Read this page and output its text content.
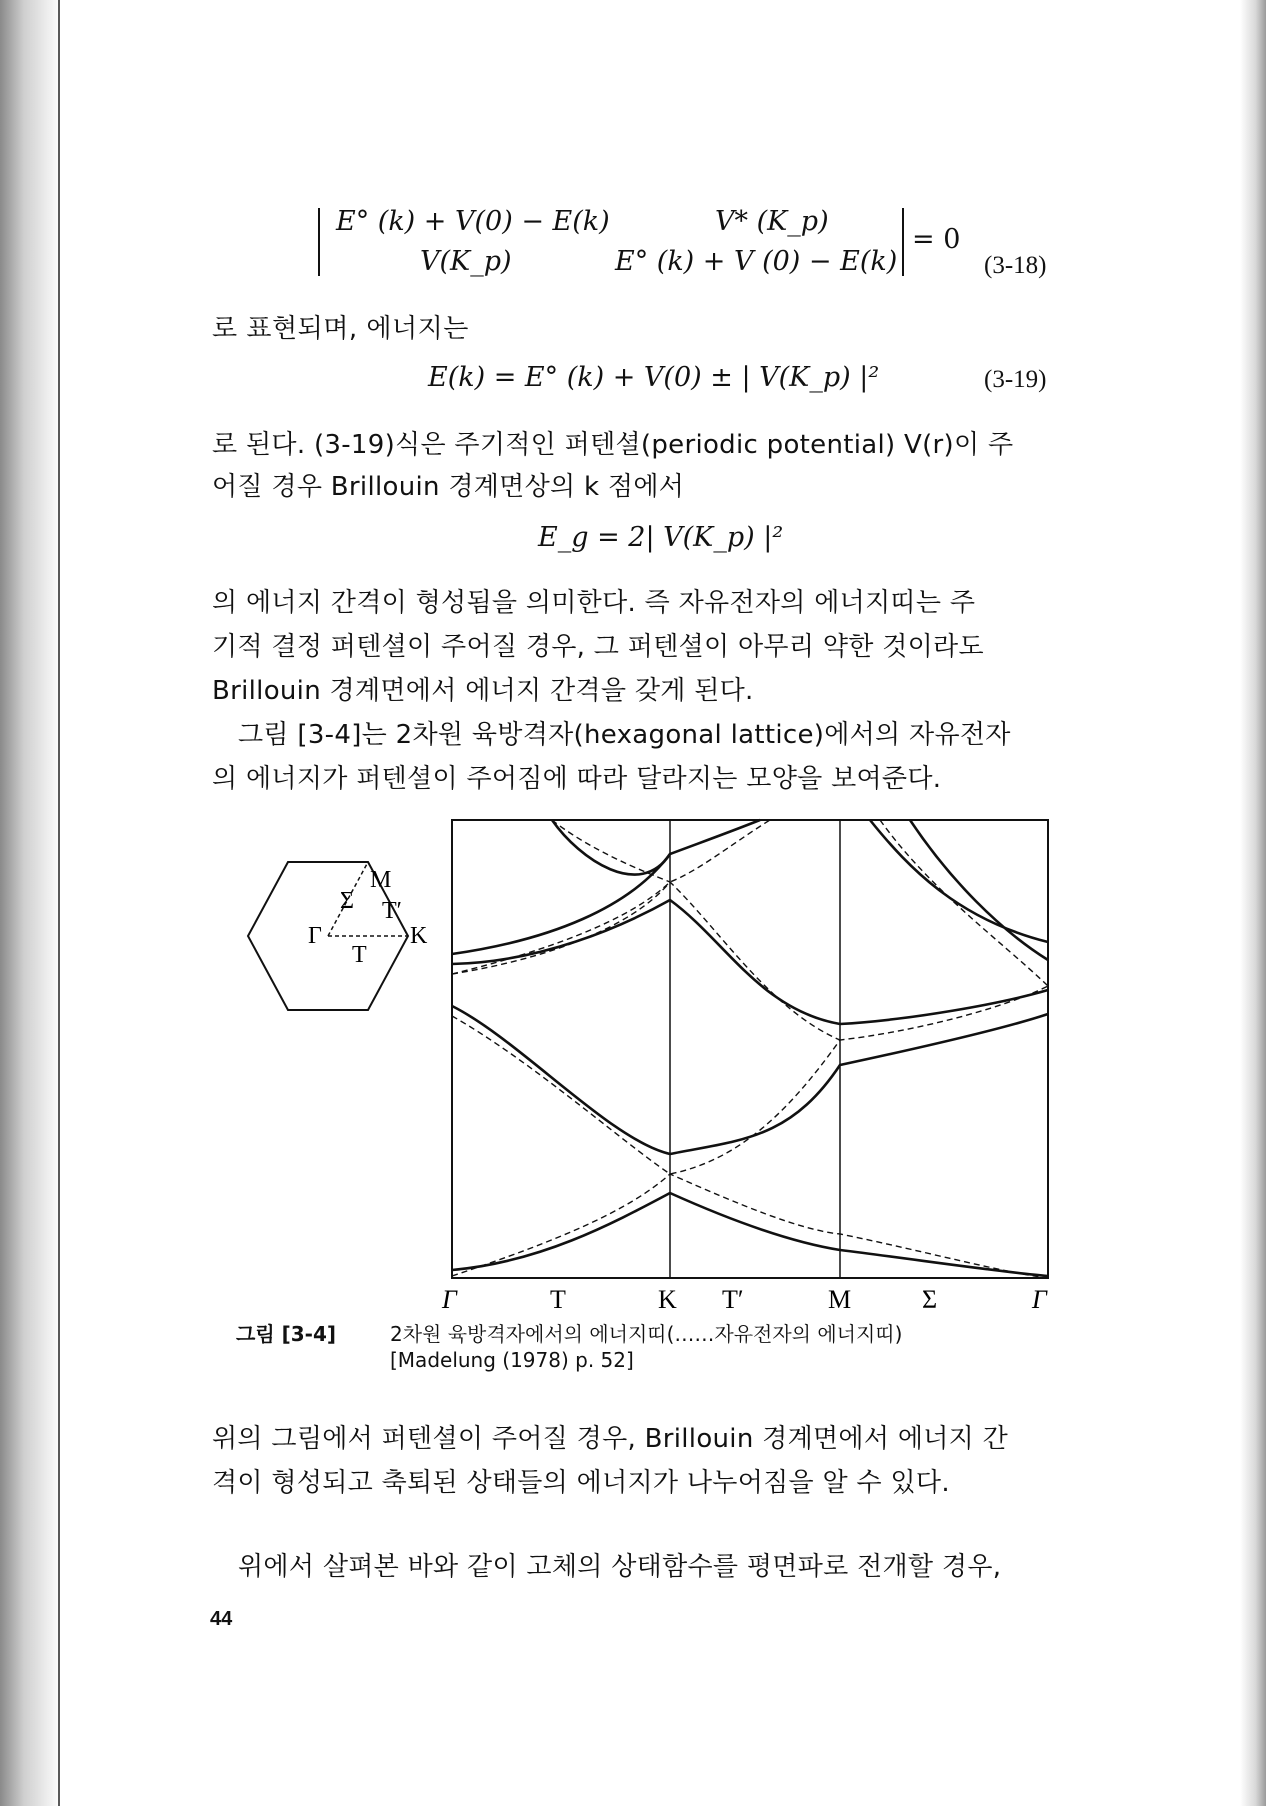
E° (k) + V(0) − E(k)	V* (K_p)
V(K_p)	E° (k) + V (0) − E(k)
= 0
(3-18)
로 표현되며, 에너지는
E(k) = E° (k) + V(0) ± | V(K_p) |²	(3-19)
로 된다. (3-19)식은 주기적인 퍼텐셜(periodic potential) V(r)이 주
어질 경우 Brillouin 경계면상의 k 점에서
E_g = 2| V(K_p) |²
의 에너지 간격이 형성됨을 의미한다. 즉 자유전자의 에너지띠는 주
기적 결정 퍼텐셜이 주어질 경우, 그 퍼텐셜이 아무리 약한 것이라도
Brillouin 경계면에서 에너지 간격을 갖게 된다.
그림 [3-4]는 2차원 육방격자(hexagonal lattice)에서의 자유전자
의 에너지가 퍼텐셜이 주어짐에 따라 달라지는 모양을 보여준다.
Γ
Σ
M
T′
K
T
Γ	T	K T′	M	Σ	Γ
그림 [3-4]	2차원 육방격자에서의 에너지띠(……자유전자의 에너지띠)
[Madelung (1978) p. 52]
위의 그림에서 퍼텐셜이 주어질 경우, Brillouin 경계면에서 에너지 간
격이 형성되고 축퇴된 상태들의 에너지가 나누어짐을 알 수 있다.
위에서 살펴본 바와 같이 고체의 상태함수를 평면파로 전개할 경우,
44
